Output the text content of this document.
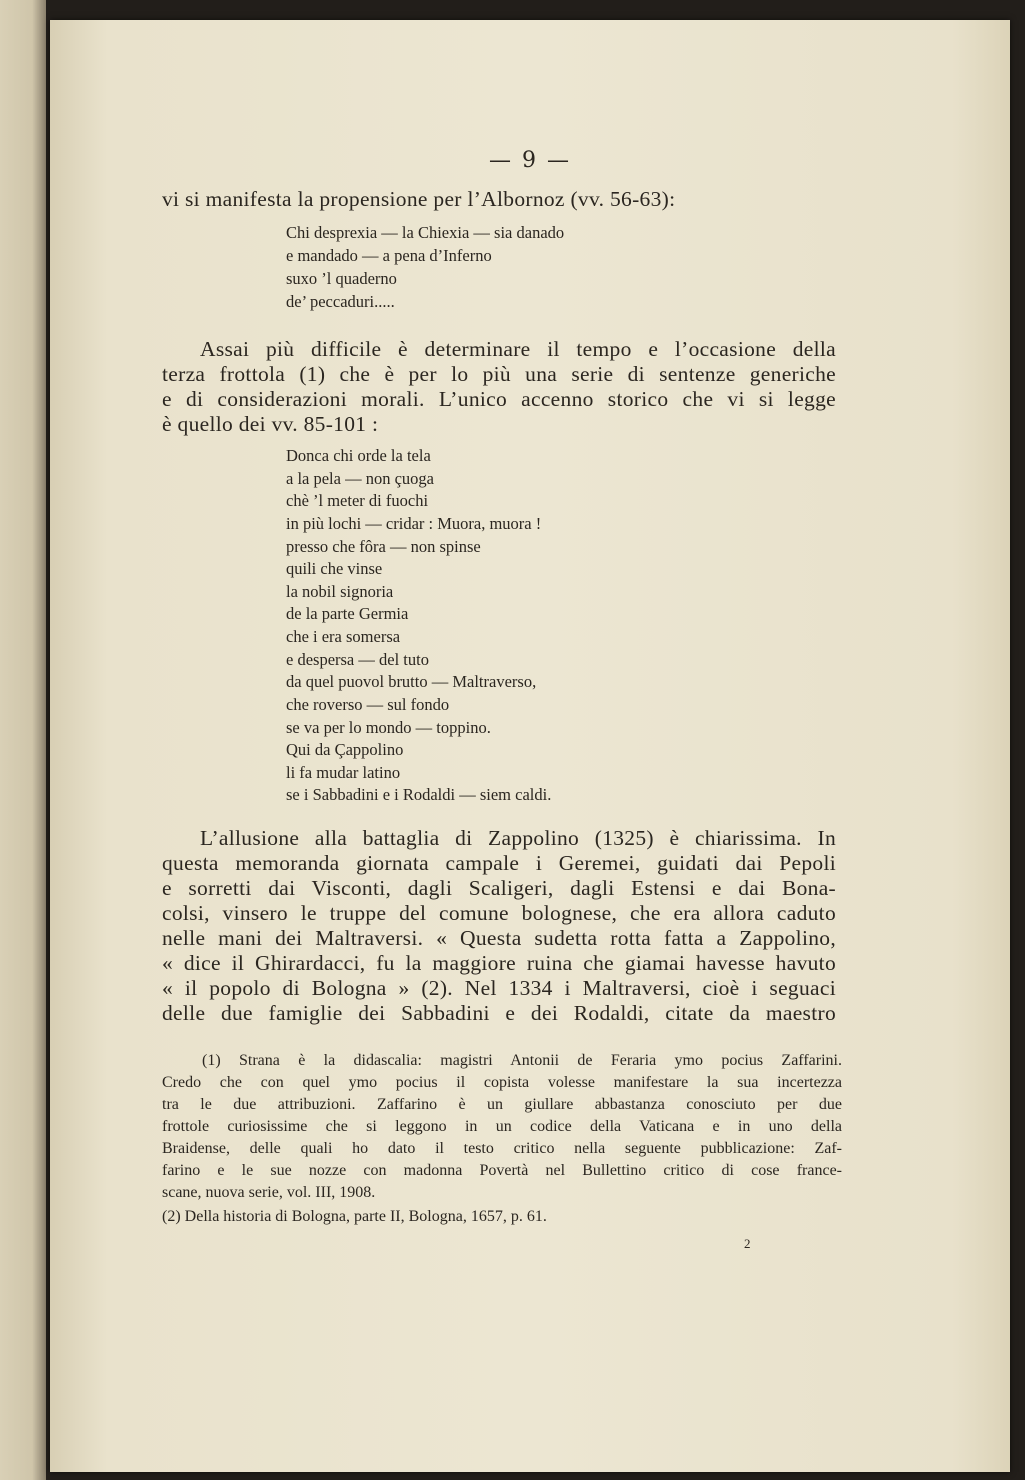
— 9 —
vi si manifesta la propensione per l’Albornoz (vv. 56-63):
Chi desprexia — la Chiexia — sia danado
e mandado — a pena d’Inferno
suxo ’l quaderno
de’ peccaduri.....
Assai più difficile è determinare il tempo e l’occasione della
terza frottola (1) che è per lo più una serie di sentenze generiche
e di considerazioni morali. L’unico accenno storico che vi si legge
è quello dei vv. 85-101 :
Donca chi orde la tela
a la pela — non çuoga
chè ’l meter di fuochi
in più lochi — cridar : Muora, muora !
presso che fôra — non spinse
quili che vinse
la nobil signoria
de la parte Germia
che i era somersa
e despersa — del tuto
da quel puovol brutto — Maltraverso,
che roverso — sul fondo
se va per lo mondo — toppino.
Qui da Çappolino
li fa mudar latino
se i Sabbadini e i Rodaldi — siem caldi.
L’allusione alla battaglia di Zappolino (1325) è chiarissima. In
questa memoranda giornata campale i Geremei, guidati dai Pepoli
e sorretti dai Visconti, dagli Scaligeri, dagli Estensi e dai Bona-
colsi, vinsero le truppe del comune bolognese, che era allora caduto
nelle mani dei Maltraversi. « Questa sudetta rotta fatta a Zappolino,
« dice il Ghirardacci, fu la maggiore ruina che giamai havesse havuto
« il popolo di Bologna » (2). Nel 1334 i Maltraversi, cioè i seguaci
delle due famiglie dei Sabbadini e dei Rodaldi, citate da maestro
(1) Strana è la didascalia: magistri Antonii de Feraria ymo pocius Zaffarini.
Credo che con quel ymo pocius il copista volesse manifestare la sua incertezza
tra le due attribuzioni. Zaffarino è un giullare abbastanza conosciuto per due
frottole curiosissime che si leggono in un codice della Vaticana e in uno della
Braidense, delle quali ho dato il testo critico nella seguente pubblicazione: Zaf-
farino e le sue nozze con madonna Povertà nel Bullettino critico di cose france-
scane, nuova serie, vol. III, 1908.
(2) Della historia di Bologna, parte II, Bologna, 1657, p. 61.
2
